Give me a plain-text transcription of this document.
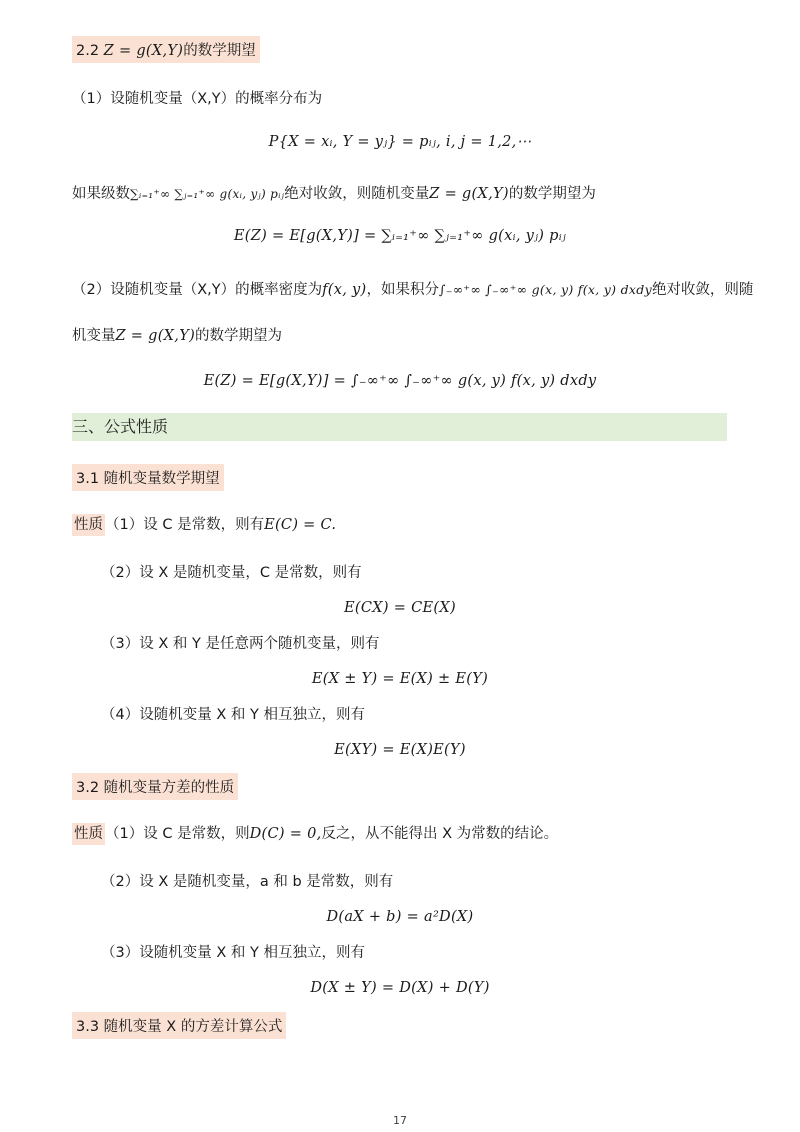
2.2 Z = g(X,Y)的数学期望
（1）设随机变量（X,Y）的概率分布为
P{X = xᵢ, Y = yⱼ} = pᵢⱼ, i, j = 1,2,⋯
如果级数∑ᵢ₌₁⁺∞ ∑ⱼ₌₁⁺∞ g(xᵢ, yⱼ) pᵢⱼ绝对收敛，则随机变量Z = g(X,Y)的数学期望为
E(Z) = E[g(X,Y)] = ∑ᵢ₌₁⁺∞ ∑ⱼ₌₁⁺∞ g(xᵢ, yⱼ) pᵢⱼ
（2）设随机变量（X,Y）的概率密度为f(x, y)，如果积分∫₋∞⁺∞ ∫₋∞⁺∞ g(x, y) f(x, y) dxdy绝对收敛，则随
机变量Z = g(X,Y)的数学期望为
E(Z) = E[g(X,Y)] = ∫₋∞⁺∞ ∫₋∞⁺∞ g(x, y) f(x, y) dxdy
三、公式性质
3.1 随机变量数学期望
性质 （1）设 C 是常数，则有E(C) = C.
（2）设 X 是随机变量，C 是常数，则有
E(CX) = CE(X)
（3）设 X 和 Y 是任意两个随机变量，则有
E(X ± Y) = E(X) ± E(Y)
（4）设随机变量 X 和 Y 相互独立，则有
E(XY) = E(X)E(Y)
3.2 随机变量方差的性质
性质 （1）设 C 是常数，则D(C) = 0,反之，从不能得出 X 为常数的结论。
（2）设 X 是随机变量，a 和 b 是常数，则有
D(aX + b) = a²D(X)
（3）设随机变量 X 和 Y 相互独立，则有
D(X ± Y) = D(X) + D(Y)
3.3 随机变量 X 的方差计算公式
17
